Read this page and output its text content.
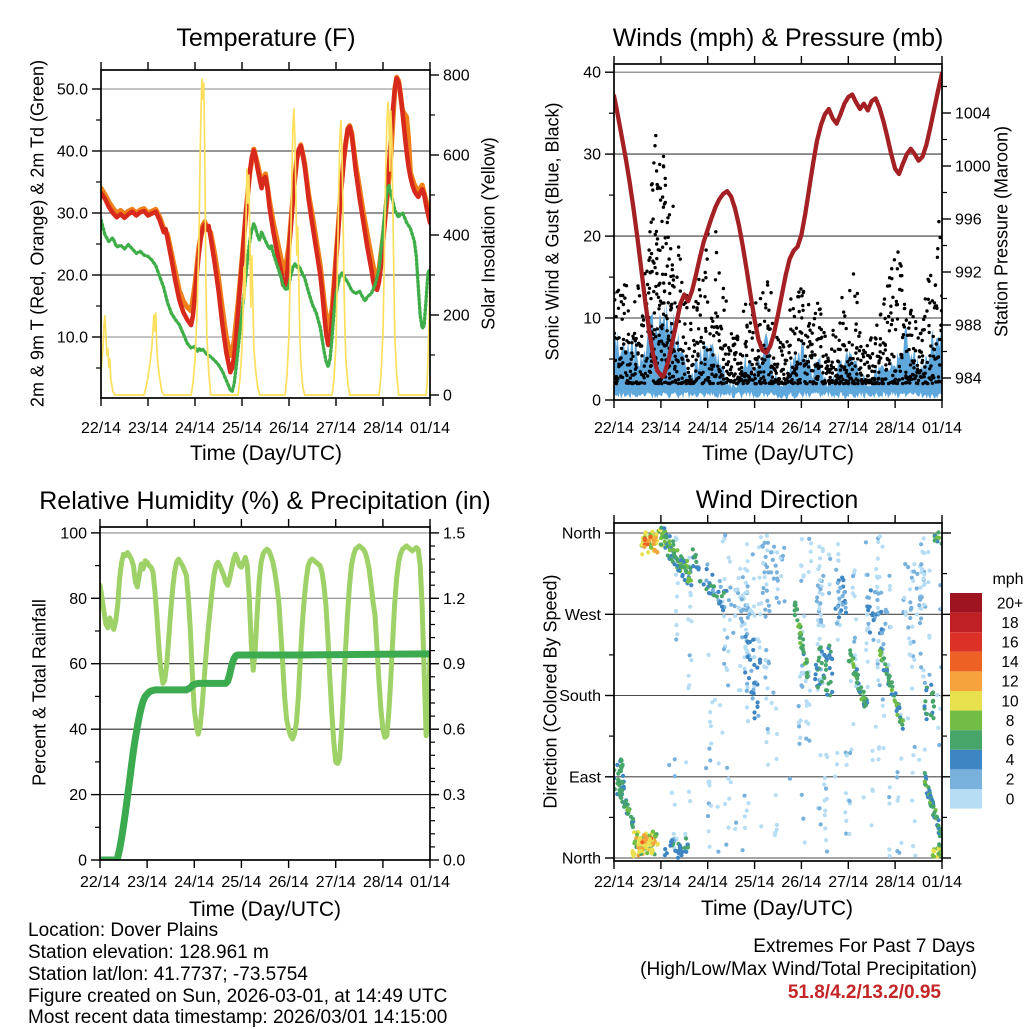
50.0
40.0
30.0
20.0
10.0
800
600
400
200
0
22/14 23/14 24/14 25/14 26/14 27/14 28/14 01/14
40
30
20
10
0
1004
1000
996
992
988
984
22/14 23/14 24/14 25/14 26/14 27/14 28/14 01/14
100
80
60
40
20
0
1.5
1.2
0.9
0.6
0.3
0.0
22/14 23/14 24/14 25/14 26/14 27/14 28/14 01/14
North
West
South
East
North
22/14 23/14 24/14 25/14 26/14 27/14 28/14 01/14
20+
18
16
14
12
10
8
6
4
2
0
Temperature (F)	Winds (mph) & Pressure (mb)
Relative Humidity (%) & Precipitation (in)	Wind Direction
Time (Day/UTC)	Time (Day/UTC)
Time (Day/UTC)	Time (Day/UTC)
2m & 9m T (Red, Orange) & 2m Td (Green)	Solar Insolation (Yellow) Sonic Wind & Gust (Blue, Black)	Station Pressure (Maroon)
Percent & Total Rainfall	Direction (Colored By Speed)	mph
Location: Dover Plains
Station elevation: 128.961 m
Station lat/lon: 41.7737; -73.5754
Figure created on Sun, 2026-03-01, at 14:49 UTC
Most recent data timestamp: 2026/03/01 14:15:00
Extremes For Past 7 Days
(High/Low/Max Wind/Total Precipitation)
51.8/4.2/13.2/0.95
